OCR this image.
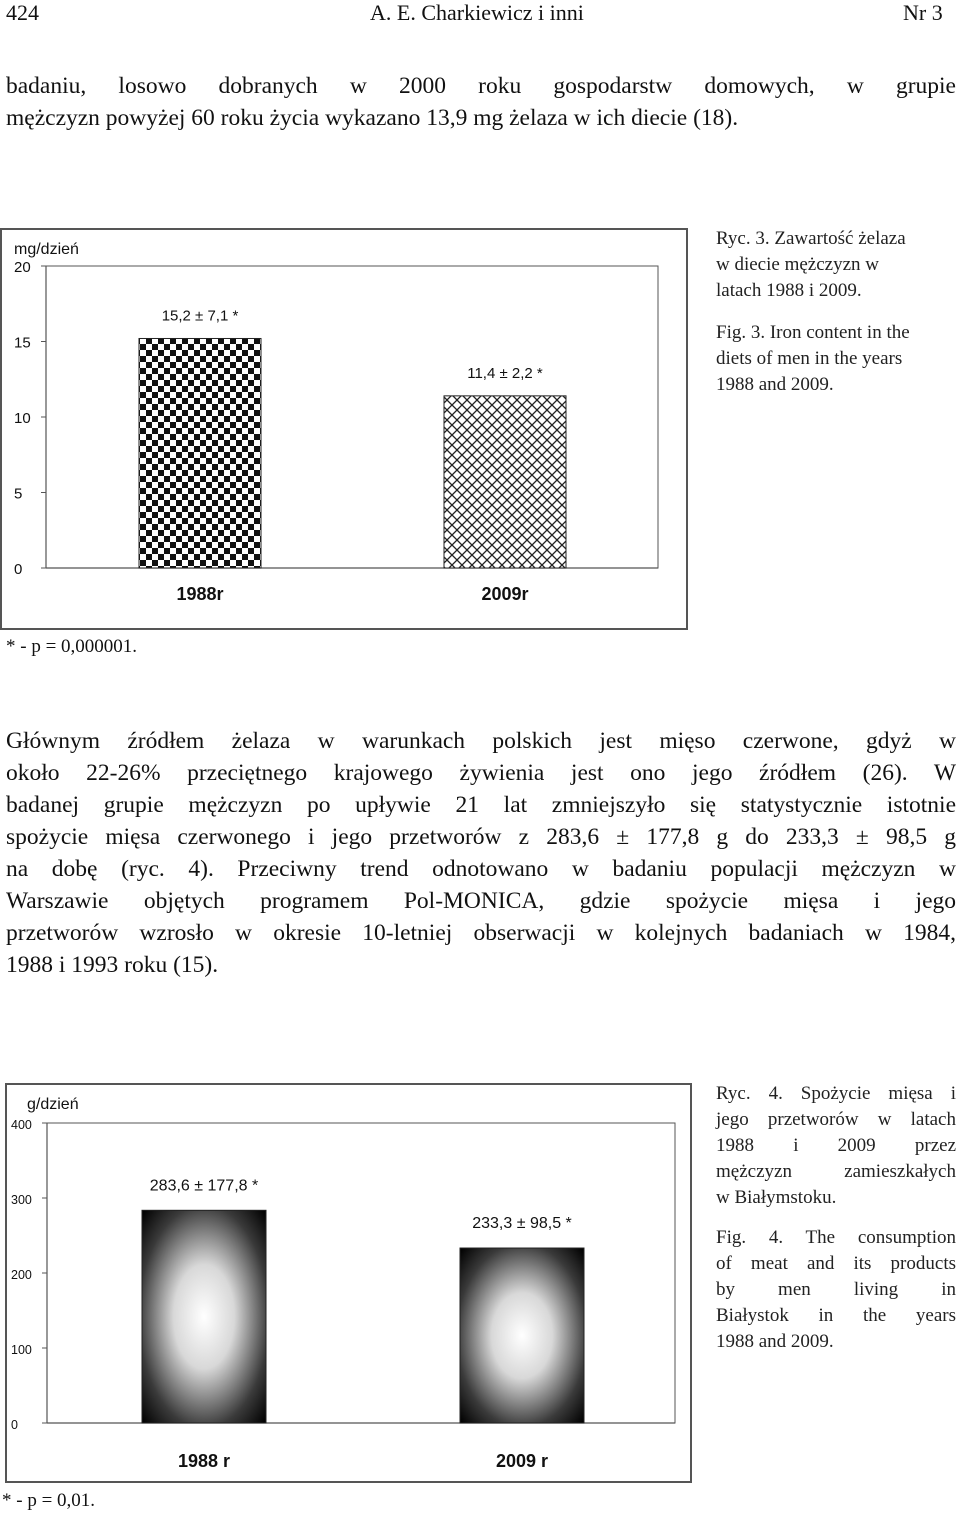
424	A. E. Charkiewicz i inni	Nr 3
badaniu, losowo dobranych w 2000 roku gospodarstw domowych, w grupie
mężczyzn powyżej 60 roku życia wykazano 13,9 mg żelaza w ich diecie (18).
0
5
10
15
20
mg/dzień
15,2 ± 7,1 *
1988r
11,4 ± 2,2 *
2009r
* - p = 0,000001.
Ryc. 3. Zawartość żelaza
w diecie mężczyzn w
latach 1988 i 2009.
Fig. 3. Iron content in the
diets of men in the years
1988 and 2009.
Głównym źródłem żelaza w warunkach polskich jest mięso czerwone, gdyż w
około 22-26% przeciętnego krajowego żywienia jest ono jego źródłem (26). W
badanej grupie mężczyzn po upływie 21 lat zmniejszyło się statystycznie istotnie
spożycie mięsa czerwonego i jego przetworów z 283,6 ± 177,8 g do 233,3 ± 98,5 g
na dobę (ryc. 4). Przeciwny trend odnotowano w badaniu populacji mężczyzn w
Warszawie objętych programem Pol-MONICA, gdzie spożycie mięsa i jego
przetworów wzrosło w okresie 10-letniej obserwacji w kolejnych badaniach w 1984,
1988 i 1993 roku (15).
0
100
200
300
400
g/dzień
283,6 ± 177,8 *
1988 r
233,3 ± 98,5 *
2009 r
* - p = 0,01.
Ryc. 4. Spożycie mięsa i
jego przetworów w latach
1988 i 2009 przez
mężczyzn zamieszkałych
w Białymstoku.
Fig. 4. The consumption
of meat and its products
by men living in
Białystok in the years
1988 and 2009.
